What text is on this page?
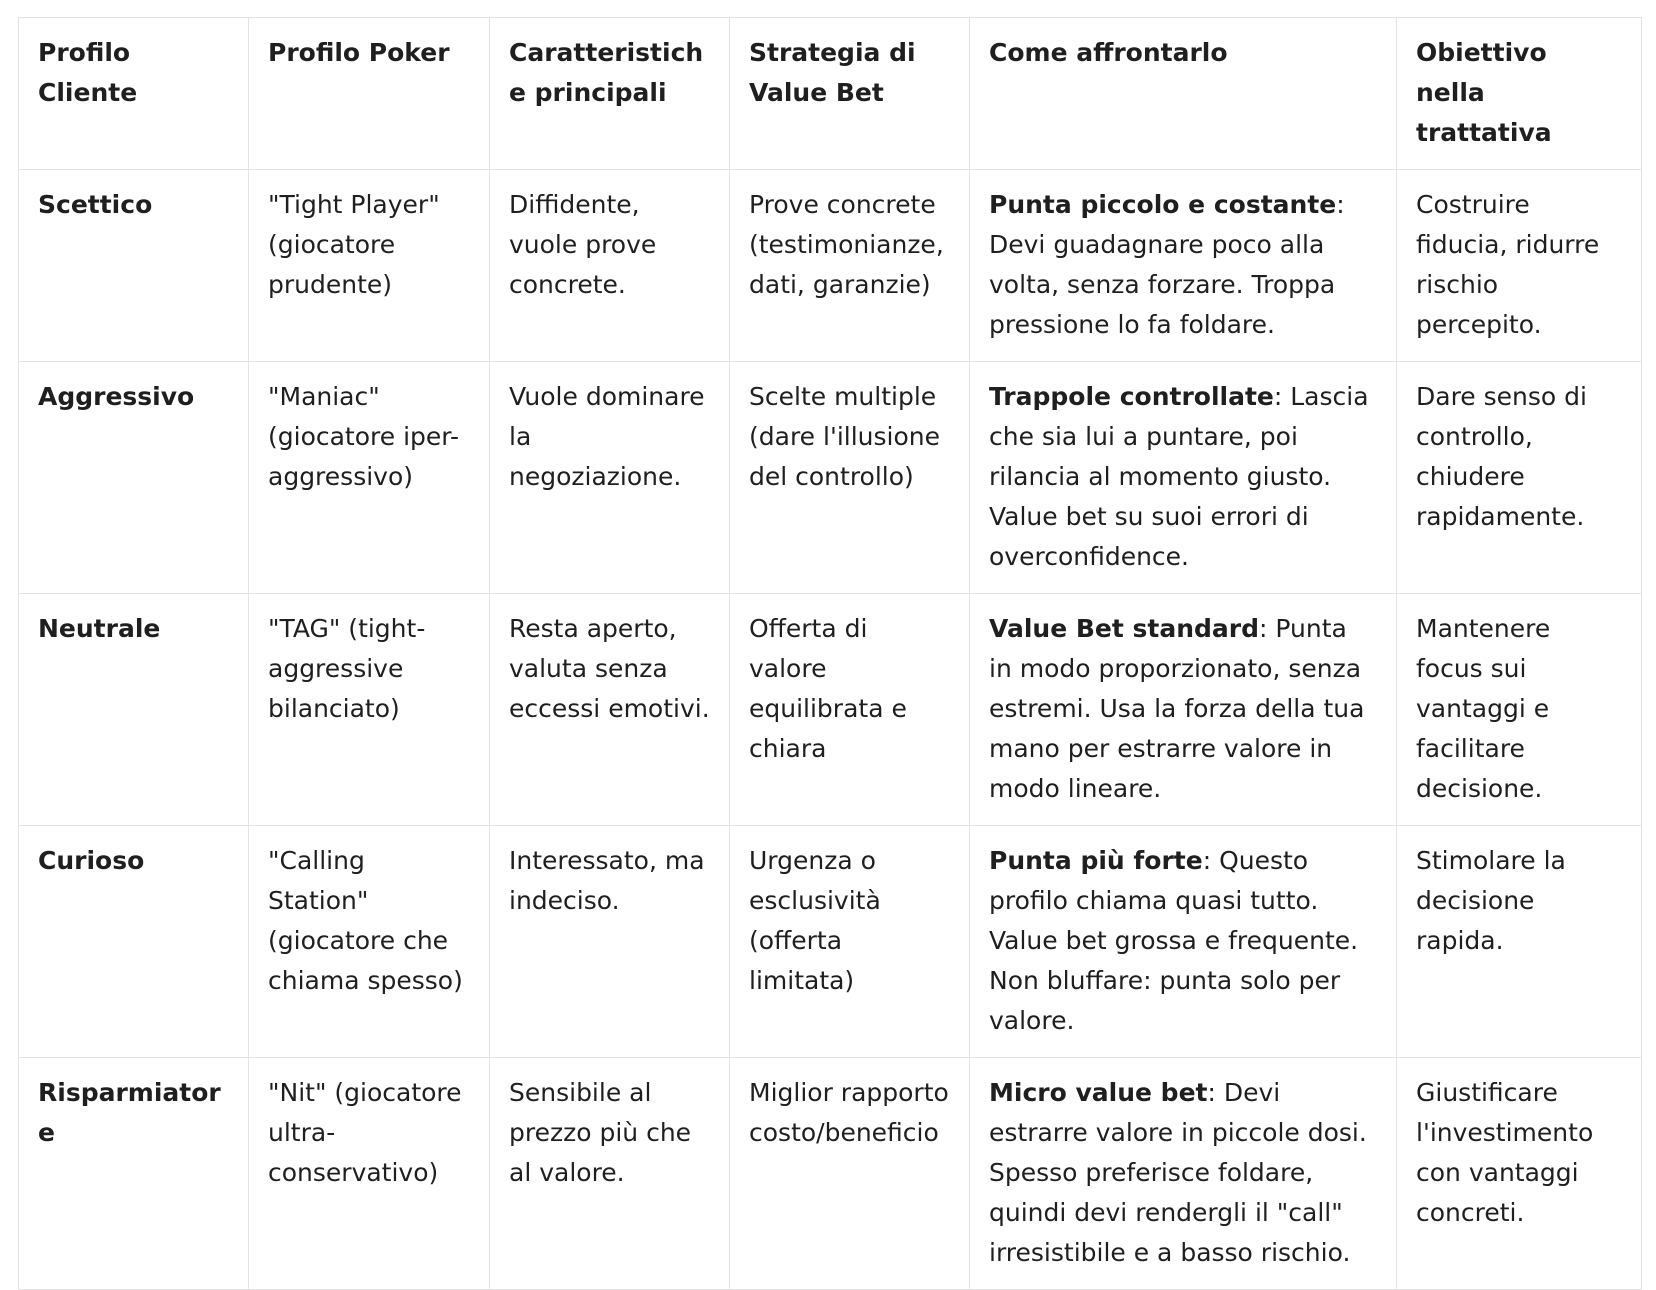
Profilo Cliente	Profilo Poker	Caratteristiche principali	Strategia di Value Bet	Come affrontarlo	Obiettivo nella trattativa
Scettico	"Tight Player" (giocatore prudente)	Diffidente, vuole prove concrete.	Prove concrete (testimonianze, dati, garanzie)	Punta piccolo e costante: Devi guadagnare poco alla volta, senza forzare. Troppa pressione lo fa foldare.	Costruire fiducia, ridurre rischio percepito.
Aggressivo	"Maniac" (giocatore iper-aggressivo)	Vuole dominare la negoziazione.	Scelte multiple (dare l'illusione del controllo)	Trappole controllate: Lascia che sia lui a puntare, poi rilancia al momento giusto. Value bet su suoi errori di overconfidence.	Dare senso di controllo, chiudere rapidamente.
Neutrale	"TAG" (tight-aggressive bilanciato)	Resta aperto, valuta senza eccessi emotivi.	Offerta di valore equilibrata e chiara	Value Bet standard: Punta in modo proporzionato, senza estremi. Usa la forza della tua mano per estrarre valore in modo lineare.	Mantenere focus sui vantaggi e facilitare decisione.
Curioso	"Calling Station" (giocatore che chiama spesso)	Interessato, ma indeciso.	Urgenza o esclusività (offerta limitata)	Punta più forte: Questo profilo chiama quasi tutto. Value bet grossa e frequente. Non bluffare: punta solo per valore.	Stimolare la decisione rapida.
Risparmiatore	"Nit" (giocatore ultra-conservativo)	Sensibile al prezzo più che al valore.	Miglior rapporto costo/beneficio	Micro value bet: Devi estrarre valore in piccole dosi. Spesso preferisce foldare, quindi devi rendergli il "call" irresistibile e a basso rischio.	Giustificare l'investimento con vantaggi concreti.
